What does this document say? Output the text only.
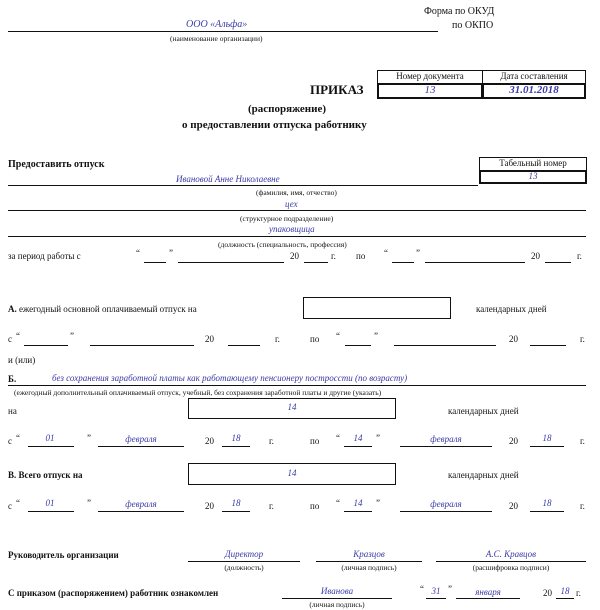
Форма по ОКУД
по ОКПО
ООО «Альфа»
(наименование организации)
ПРИКАЗ
(распоряжение)
о предоставлении отпуска работнику
Номер документа	Дата составления
13	31.01.2018
Предоставить отпуск	Табельный номер
13
Ивановой Анне Николаевне
(фамилия, имя, отчество)
цех
(структурное подразделение)
упаковщица
(должность (специальность, профессия)
за период работы с	“	”	20	г. по “	”	20	г.
А. ежегодный основной оплачиваемый отпуск на	календарных дней
с “	”	20	г.	по “	”	20	г.
и (или)
Б.	без сохранения заработной платы как работающему пенсионеру построссти (по возрасту)
(ежегодный дополнительный оплачиваемый отпуск, учебный, без сохранения заработной платы и другие (указать)
на	14	календарных дней
с “	01	”	февраля	20	18	г.	по “	14	”	февраля	20	18	г.
В. Всего отпуск на	14	календарных дней
с “	01	”	февраля	20	18	г.	по “	14	”	февраля	20	18	г.
Руководитель организации	Директор
(должность)
Кразцов
(личная подпись)
А.С. Кравцов
(расшифровка подписи)
С приказом (распоряжением) работник ознакомлен	Иванова
(личная подпись)
“ 31 ”	января	20 18 г.
